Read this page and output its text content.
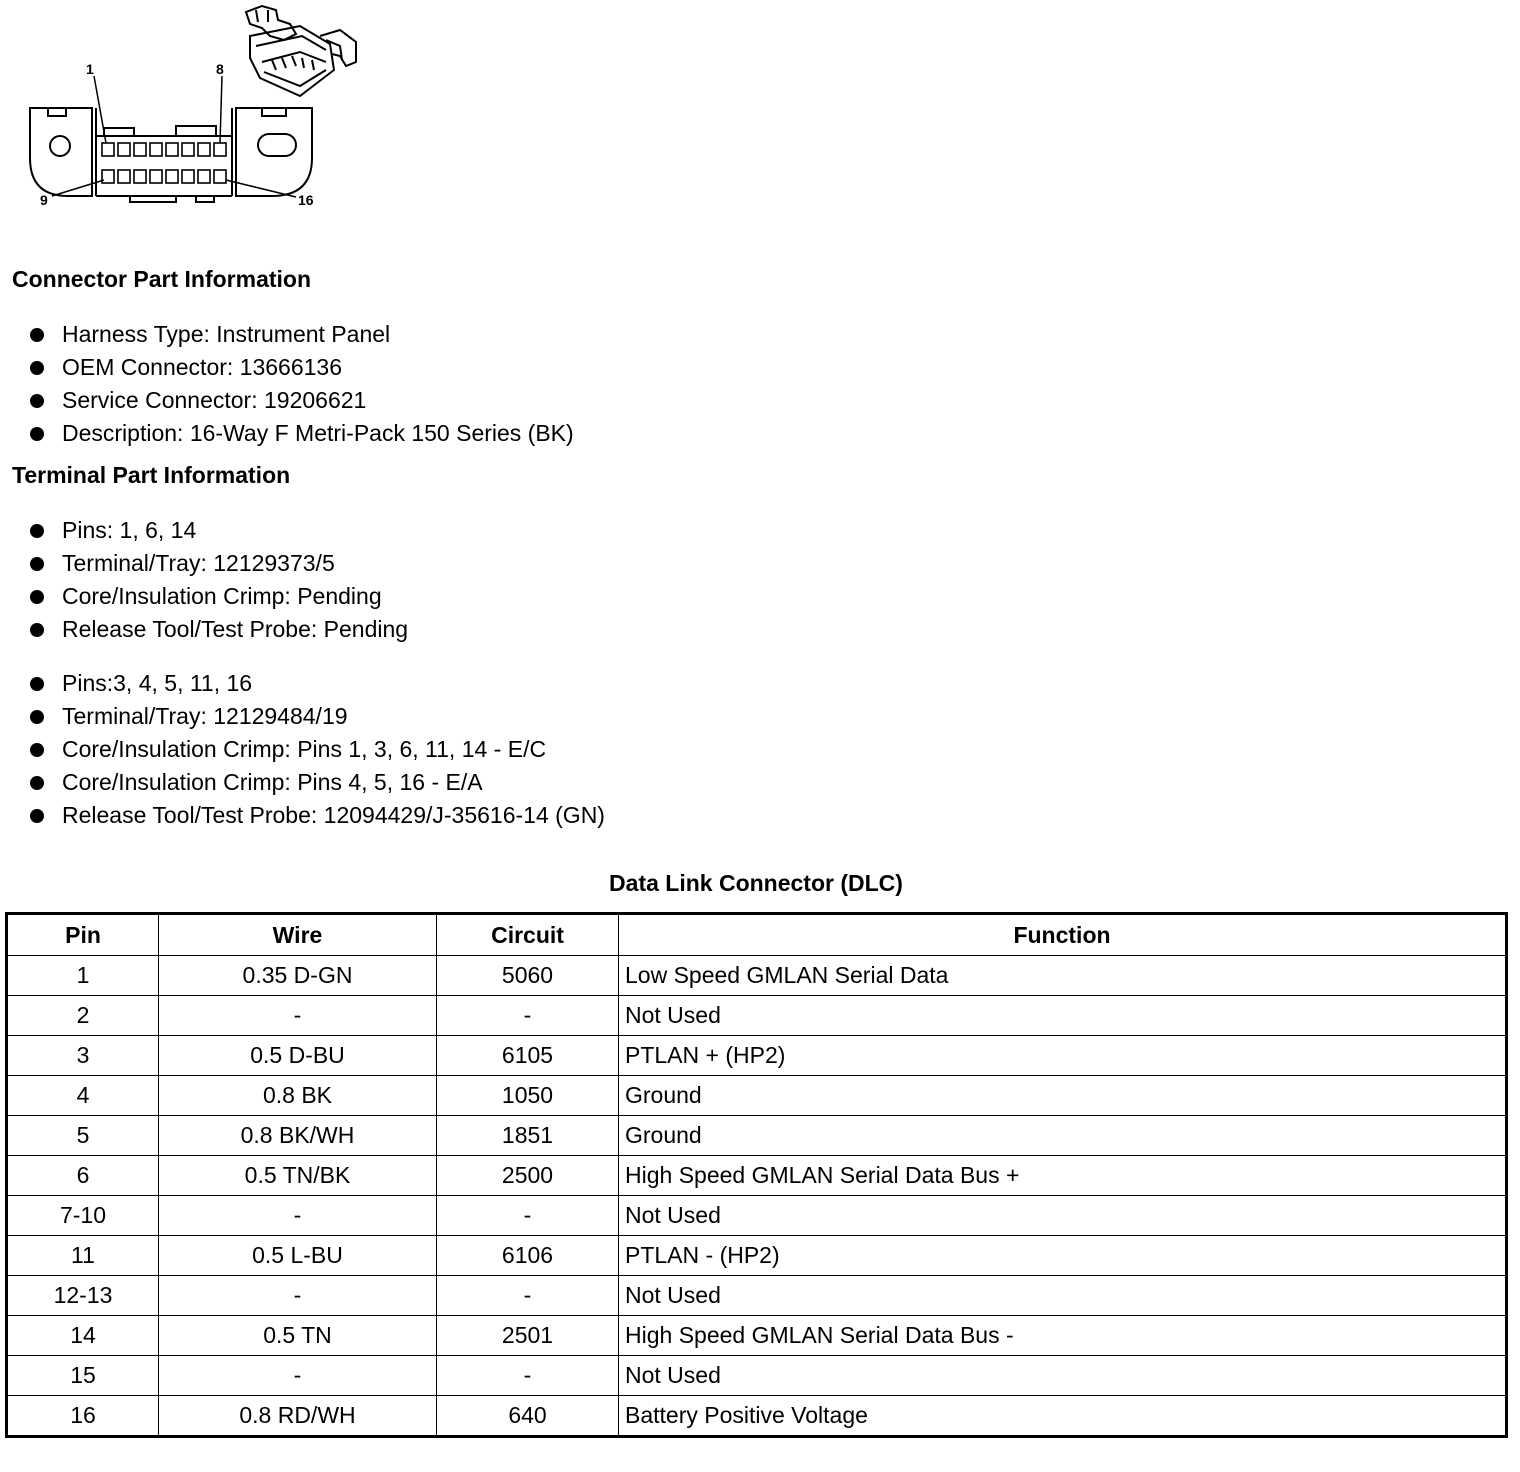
1	8
9	16
Connector Part Information
Harness Type: Instrument Panel
OEM Connector: 13666136
Service Connector: 19206621
Description: 16-Way F Metri-Pack 150 Series (BK)
Terminal Part Information
Pins: 1, 6, 14
Terminal/Tray: 12129373/5
Core/Insulation Crimp: Pending
Release Tool/Test Probe: Pending
Pins:3, 4, 5, 11, 16
Terminal/Tray: 12129484/19
Core/Insulation Crimp: Pins 1, 3, 6, 11, 14 - E/C
Core/Insulation Crimp: Pins 4, 5, 16 - E/A
Release Tool/Test Probe: 12094429/J-35616-14 (GN)
Data Link Connector (DLC)
Pin	Wire	Circuit	Function
1	0.35 D-GN	5060	Low Speed GMLAN Serial Data
2	-	-	Not Used
3	0.5 D-BU	6105	PTLAN + (HP2)
4	0.8 BK	1050	Ground
5	0.8 BK/WH	1851	Ground
6	0.5 TN/BK	2500	High Speed GMLAN Serial Data Bus +
7-10	-	-	Not Used
11	0.5 L-BU	6106	PTLAN - (HP2)
12-13	-	-	Not Used
14	0.5 TN	2501	High Speed GMLAN Serial Data Bus -
15	-	-	Not Used
16	0.8 RD/WH	640	Battery Positive Voltage
